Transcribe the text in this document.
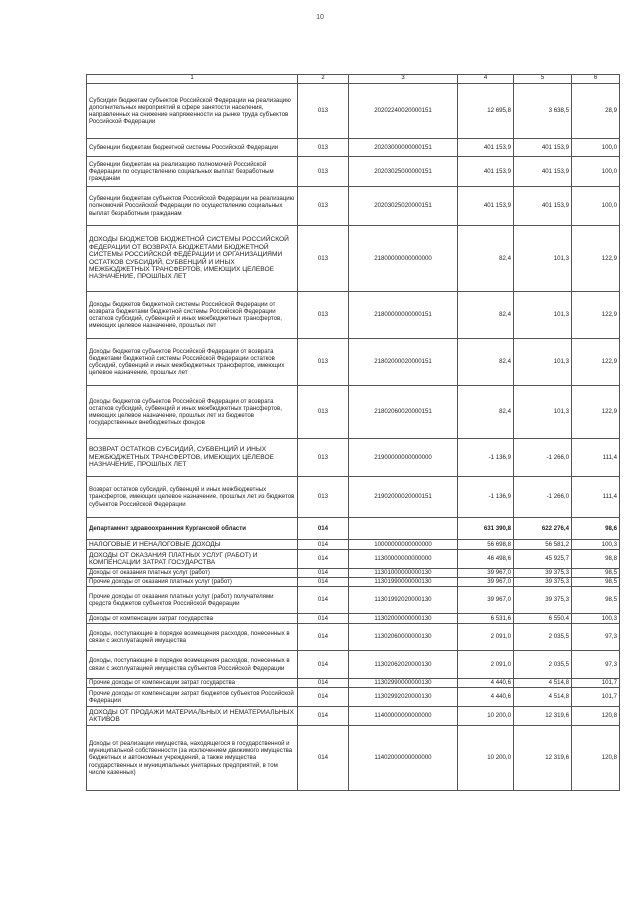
10
1	2	3	4	5	6
Субсидии бюджетам субъектов Российской Федерации на реализацию дополнительных мероприятий в сфере занятости населения, направленных на снижение напряженности на рынке труда субъектов Российской Федерации	013	20202240020000151	12 695,8	3 638,5	28,9
Субвенции бюджетам бюджетной системы Российской Федерации	013	20203000000000151	401 153,9	401 153,9	100,0
Субвенции бюджетам на реализацию полномочий Российской Федерации по осуществлению социальных выплат безработным гражданам	013	20203025000000151	401 153,9	401 153,9	100,0
Субвенции бюджетам субъектов Российской Федерации на реализацию полномочий Российской Федерации по осуществлению социальных выплат безработным гражданам	013	20203025020000151	401 153,9	401 153,9	100,0
ДОХОДЫ БЮДЖЕТОВ БЮДЖЕТНОЙ СИСТЕМЫ РОССИЙСКОЙ ФЕДЕРАЦИИ ОТ ВОЗВРАТА БЮДЖЕТАМИ БЮДЖЕТНОЙ СИСТЕМЫ РОССИЙСКОЙ ФЕДЕРАЦИИ И ОРГАНИЗАЦИЯМИ ОСТАТКОВ СУБСИДИЙ, СУБВЕНЦИЙ И ИНЫХ МЕЖБЮДЖЕТНЫХ ТРАНСФЕРТОВ, ИМЕЮЩИХ ЦЕЛЕВОЕ НАЗНАЧЕНИЕ, ПРОШЛЫХ ЛЕТ	013	21800000000000000	82,4	101,3	122,9
Доходы бюджетов бюджетной системы Российской Федерации от возврата бюджетами бюджетной системы Российской Федерации остатков субсидий, субвенций и иных межбюджетных трансфертов, имеющих целевое назначение, прошлых лет	013	21800000000000151	82,4	101,3	122,9
Доходы бюджетов субъектов Российской Федерации от возврата бюджетами бюджетной системы Российской Федерации остатков субсидий, субвенций и иных межбюджетных трансфертов, имеющих целевое назначение, прошлых лет	013	21802000020000151	82,4	101,3	122,9
Доходы бюджетов субъектов Российской Федерации от возврата остатков субсидий, субвенций и иных межбюджетных трансфертов, имеющих целевое назначение, прошлых лет из бюджетов государственных внебюджетных фондов	013	21802060020000151	82,4	101,3	122,9
ВОЗВРАТ ОСТАТКОВ СУБСИДИЙ, СУБВЕНЦИЙ И ИНЫХ МЕЖБЮДЖЕТНЫХ ТРАНСФЕРТОВ, ИМЕЮЩИХ ЦЕЛЕВОЕ НАЗНАЧЕНИЕ, ПРОШЛЫХ ЛЕТ	013	21900000000000000	-1 136,9	-1 266,0	111,4
Возврат остатков субсидий, субвенций и иных межбюджетных трансфертов, имеющих целевое назначение, прошлых лет из бюджетов субъектов Российской Федерации	013	21902000020000151	-1 136,9	-1 266,0	111,4
Департамент здравоохранения Курганской области	014		631 390,8	622 276,4	98,6
НАЛОГОВЫЕ И НЕНАЛОГОВЫЕ ДОХОДЫ	014	10000000000000000	56 698,8	56 581,2	100,3
ДОХОДЫ ОТ ОКАЗАНИЯ ПЛАТНЫХ УСЛУГ (РАБОТ) И КОМПЕНСАЦИИ ЗАТРАТ ГОСУДАРСТВА	014	11300000000000000	46 498,6	45 925,7	98,8
Доходы от оказания платных услуг (работ)	014	11301000000000130	39 967,0	39 375,3	98,5
Прочие доходы от оказания платных услуг (работ)	014	11301990000000130	39 967,0	39 375,3	98,5
Прочие доходы от оказания платных услуг (работ) получателями средств бюджетов субъектов Российской Федерации	014	11301992020000130	39 967,0	39 375,3	98,5
Доходы от компенсации затрат государства	014	11302000000000130	6 531,6	6 550,4	100,3
Доходы, поступающие в порядке возмещения расходов, понесенных в связи с эксплуатацией имущества	014	11302060000000130	2 091,0	2 035,5	97,3
Доходы, поступающие в порядке возмещения расходов, понесенных в связи с эксплуатацией имущества субъектов Российской Федерации	014	11302062020000130	2 091,0	2 035,5	97,3
Прочие доходы от компенсации затрат государства	014	11302990000000130	4 440,6	4 514,8	101,7
Прочие доходы от компенсации затрат бюджетов субъектов Российской Федерации	014	11302992020000130	4 440,6	4 514,8	101,7
ДОХОДЫ ОТ ПРОДАЖИ МАТЕРИАЛЬНЫХ И НЕМАТЕРИАЛЬНЫХ АКТИВОВ	014	11400000000000000	10 200,0	12 319,6	120,8
Доходы от реализации имущества, находящегося в государственной и муниципальной собственности (за исключением движимого имущества бюджетных и автономных учреждений, а также имущества государственных и муниципальных унитарных предприятий, в том числе казенных)	014	11402000000000000	10 200,0	12 319,6	120,8
